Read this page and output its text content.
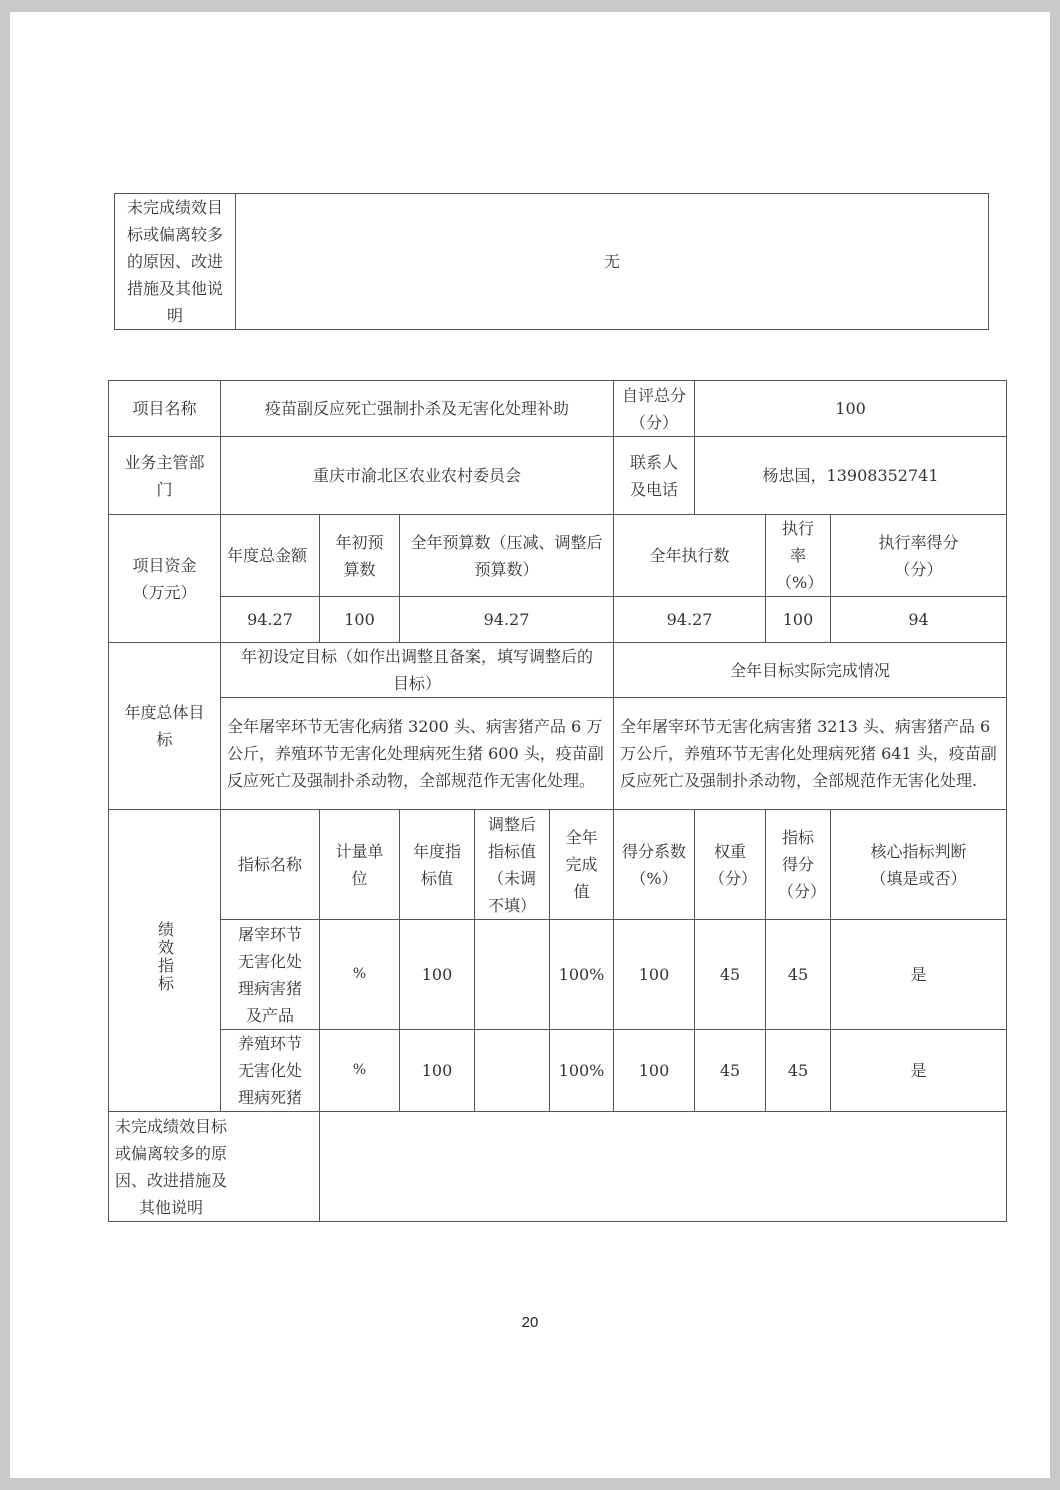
未完成绩效目标或偏离较多的原因、改进措施及其他说明	无
项目名称	疫苗副反应死亡强制扑杀及无害化处理补助					自评总分（分）	100		
业务主管部门	重庆市渝北区农业农村委员会					联系人及电话	杨忠国，13908352741		
项目资金（万元）	年度总金额	年初预算数	全年预算数（压减、调整后预算数）			全年执行数		执行率（%）	执行率得分（分）
	94.27	100	94.27			94.27		100	94
年度总体目标	年初设定目标（如作出调整且备案，填写调整后的目标）					全年目标实际完成情况			
	全年屠宰环节无害化病猪 3200 头、病害猪产品 6 万公斤，养殖环节无害化处理病死生猪 600 头，疫苗副反应死亡及强制扑杀动物，全部规范作无害化处理。					全年屠宰环节无害化病害猪 3213 头、病害猪产品 6 万公斤，养殖环节无害化处理病死猪 641 头，疫苗副反应死亡及强制扑杀动物，全部规范作无害化处理.			
绩效指标	指标名称	计量单位	年度指标值	调整后指标值（未调不填）	全年完成值	得分系数（%）	权重（分）	指标得分（分）	核心指标判断（填是或否）
	屠宰环节无害化处理病害猪及产品	%	100		100%	100	45	45	是
	养殖环节无害化处理病死猪	%	100		100%	100	45	45	是

未完成绩效目标或偏离较多的原因、改进措施及其他说明									

20
